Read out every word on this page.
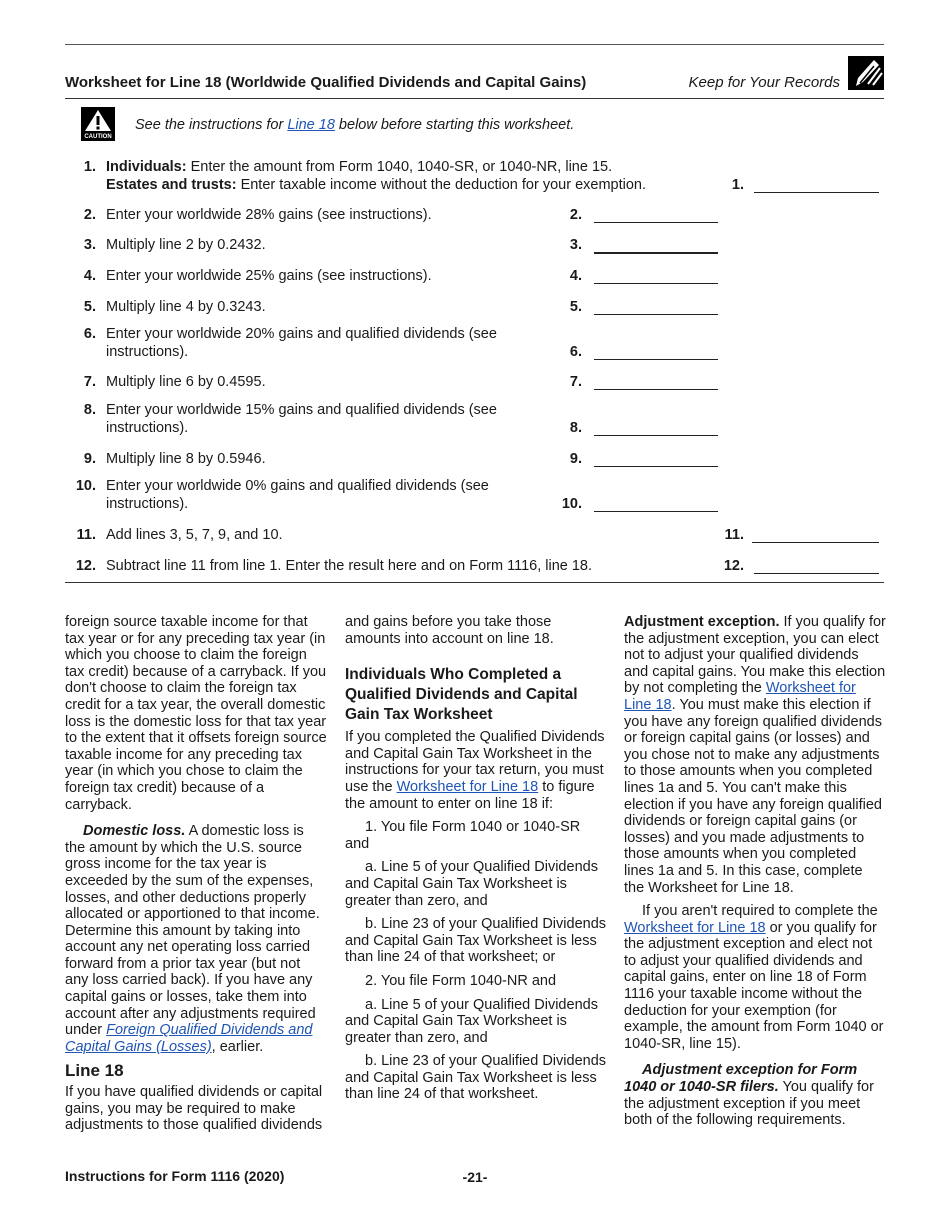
Worksheet for Line 18 (Worldwide Qualified Dividends and Capital Gains)	Keep for Your Records
CAUTION
See the instructions for Line 18 below before starting this worksheet.
1. Individuals: Enter the amount from Form 1040, 1040-SR, or 1040-NR, line 15.
Estates and trusts: Enter taxable income without the deduction for your exemption.	1.
2. Enter your worldwide 28% gains (see instructions).	2.
3. Multiply line 2 by 0.2432.	3.
4. Enter your worldwide 25% gains (see instructions).	4.
5. Multiply line 4 by 0.3243.	5.
6. Enter your worldwide 20% gains and qualified dividends (see
instructions).	6.
7. Multiply line 6 by 0.4595.	7.
8. Enter your worldwide 15% gains and qualified dividends (see
instructions).	8.
9. Multiply line 8 by 0.5946.	9.
10. Enter your worldwide 0% gains and qualified dividends (see
instructions).	10.
11. Add lines 3, 5, 7, 9, and 10.	11.
12. Subtract line 11 from line 1. Enter the result here and on Form 1116, line 18.	12.

foreign source taxable income for that tax year or for any preceding tax year (in which you choose to claim the foreign tax credit) because of a carryback. If you don't choose to claim the foreign tax credit for a tax year, the overall domestic loss is the domestic loss for that tax year to the extent that it offsets foreign source taxable income for any preceding tax year (in which you chose to claim the foreign tax credit) because of a carryback.

Domestic loss. A domestic loss is the amount by which the U.S. source gross income for the tax year is exceeded by the sum of the expenses, losses, and other deductions properly allocated or apportioned to that income. Determine this amount by taking into account any net operating loss carried forward from a prior tax year (but not any loss carried back). If you have any capital gains or losses, take them into account after any adjustments required under Foreign Qualified Dividends and Capital Gains (Losses), earlier.

Line 18

If you have qualified dividends or capital gains, you may be required to make adjustments to those qualified dividends

and gains before you take those amounts into account on line 18.

Individuals Who Completed a Qualified Dividends and Capital Gain Tax Worksheet

If you completed the Qualified Dividends and Capital Gain Tax Worksheet in the instructions for your tax return, you must use the Worksheet for Line 18 to figure the amount to enter on line 18 if:

1. You file Form 1040 or 1040-SR and

a. Line 5 of your Qualified Dividends and Capital Gain Tax Worksheet is greater than zero, and

b. Line 23 of your Qualified Dividends and Capital Gain Tax Worksheet is less than line 24 of that worksheet; or

2. You file Form 1040-NR and

a. Line 5 of your Qualified Dividends and Capital Gain Tax Worksheet is greater than zero, and

b. Line 23 of your Qualified Dividends and Capital Gain Tax Worksheet is less than line 24 of that worksheet.

Adjustment exception. If you qualify for the adjustment exception, you can elect not to adjust your qualified dividends and capital gains. You make this election by not completing the Worksheet for Line 18. You must make this election if you have any foreign qualified dividends or foreign capital gains (or losses) and you chose not to make any adjustments to those amounts when you completed lines 1a and 5. You can't make this election if you have any foreign qualified dividends or foreign capital gains (or losses) and you made adjustments to those amounts when you completed lines 1a and 5. In this case, complete the Worksheet for Line 18.

If you aren't required to complete the Worksheet for Line 18 or you qualify for the adjustment exception and elect not to adjust your qualified dividends and capital gains, enter on line 18 of Form 1116 your taxable income without the deduction for your exemption (for example, the amount from Form 1040 or 1040-SR, line 15).

Adjustment exception for Form 1040 or 1040-SR filers. You qualify for the adjustment exception if you meet both of the following requirements.

Instructions for Form 1116 (2020)	-21-
